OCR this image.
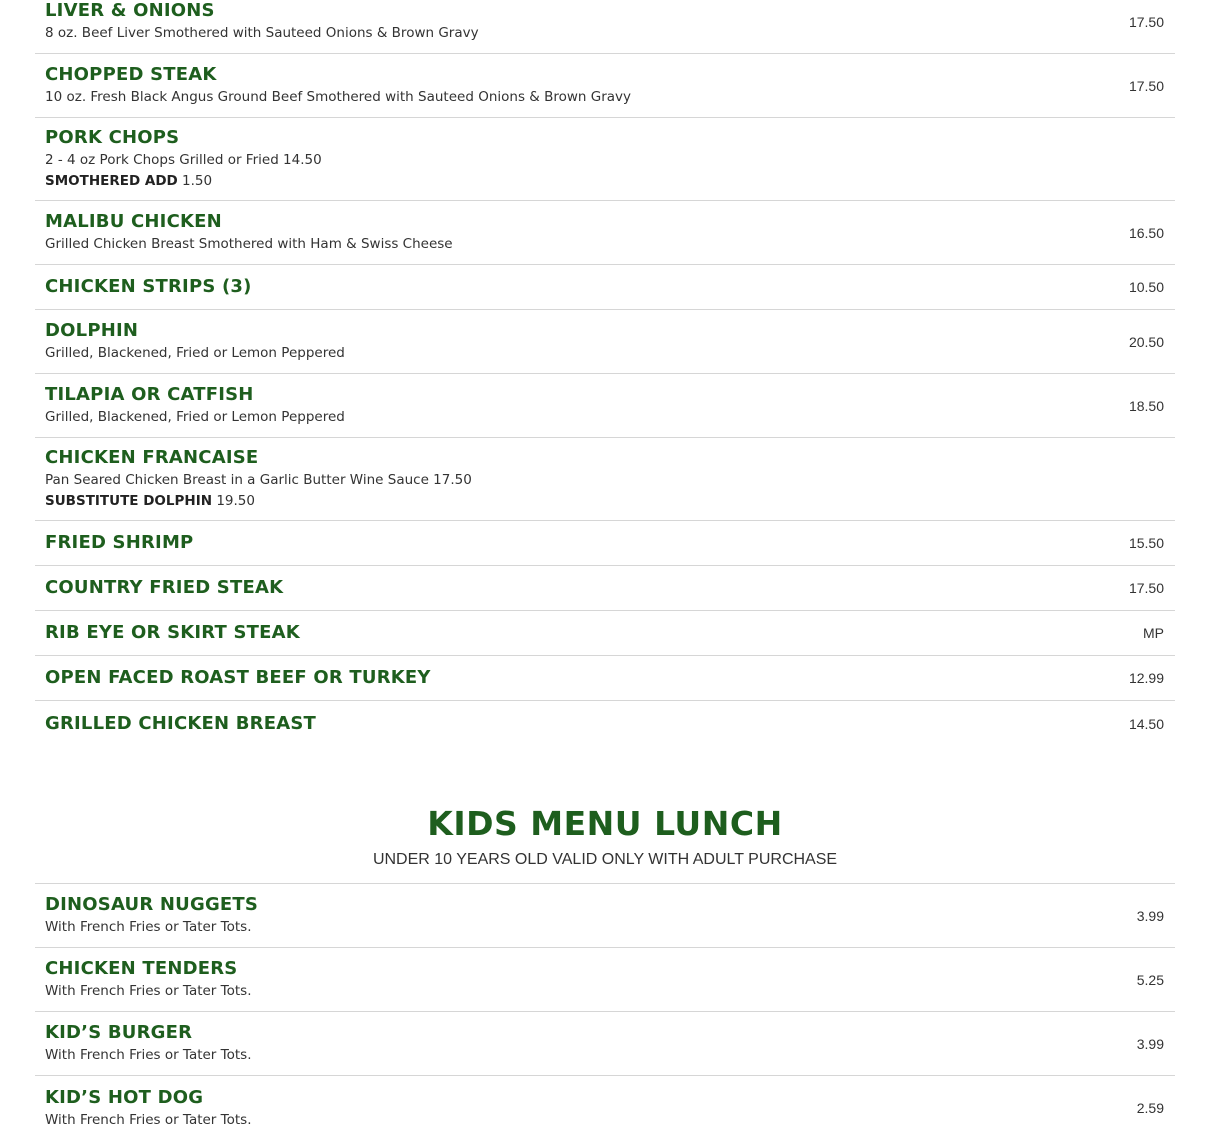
LIVER & ONIONS
8 oz. Beef Liver Smothered with Sauteed Onions & Brown Gravy
17.50
CHOPPED STEAK
10 oz. Fresh Black Angus Ground Beef Smothered with Sauteed Onions & Brown Gravy
17.50
PORK CHOPS
2 - 4 oz Pork Chops Grilled or Fried 14.50
SMOTHERED ADD 1.50
MALIBU CHICKEN
Grilled Chicken Breast Smothered with Ham & Swiss Cheese
16.50
CHICKEN STRIPS (3)	10.50
DOLPHIN
Grilled, Blackened, Fried or Lemon Peppered
20.50
TILAPIA OR CATFISH
Grilled, Blackened, Fried or Lemon Peppered
18.50
CHICKEN FRANCAISE
Pan Seared Chicken Breast in a Garlic Butter Wine Sauce 17.50
SUBSTITUTE DOLPHIN 19.50
FRIED SHRIMP	15.50
COUNTRY FRIED STEAK	17.50
RIB EYE OR SKIRT STEAK	MP
OPEN FACED ROAST BEEF OR TURKEY	12.99
GRILLED CHICKEN BREAST	14.50
KIDS MENU LUNCH
UNDER 10 YEARS OLD VALID ONLY WITH ADULT PURCHASE
DINOSAUR NUGGETS
With French Fries or Tater Tots.
3.99
CHICKEN TENDERS
With French Fries or Tater Tots.
5.25
KID’S BURGER
With French Fries or Tater Tots.
3.99
KID’S HOT DOG
With French Fries or Tater Tots.
2.59
